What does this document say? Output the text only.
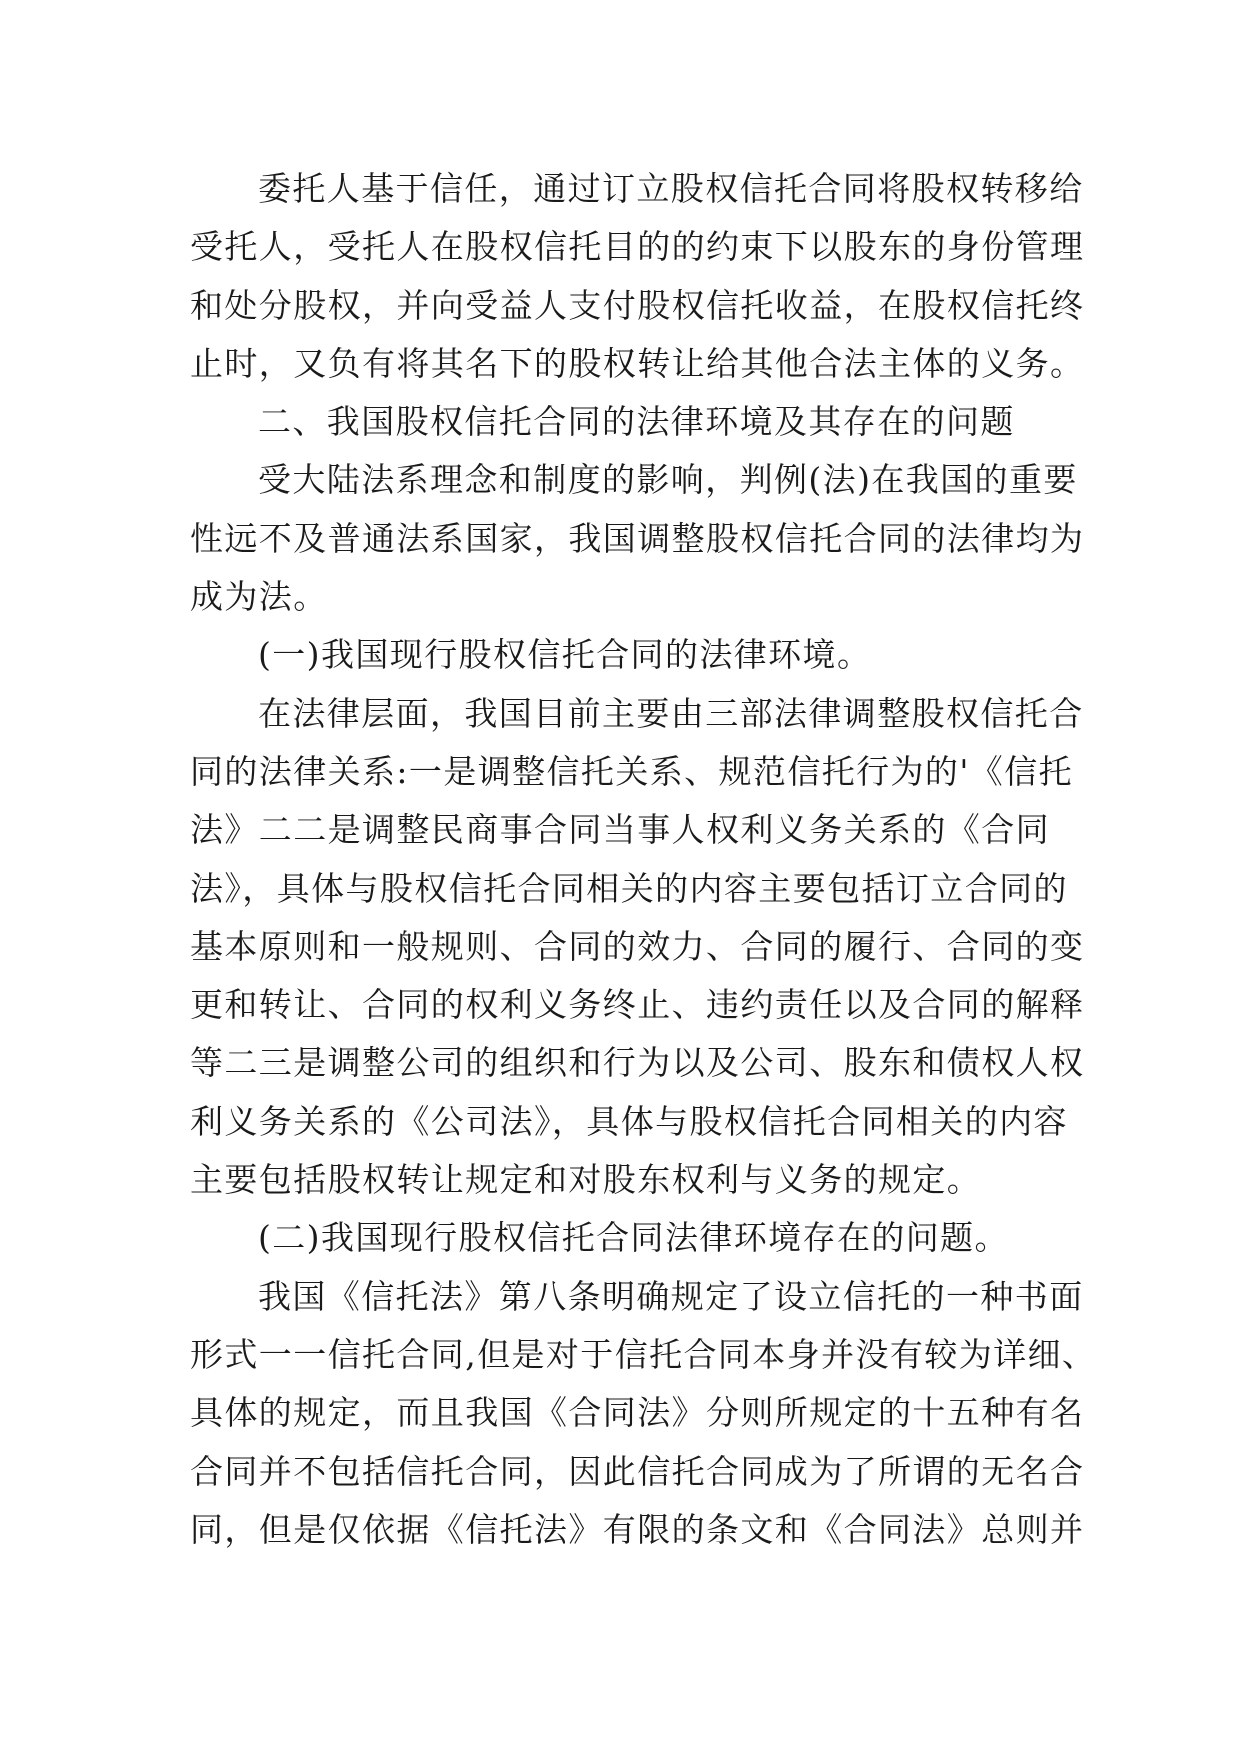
委托人基于信任，通过订立股权信托合同将股权转移给
受托人，受托人在股权信托目的的约束下以股东的身份管理
和处分股权，并向受益人支付股权信托收益，在股权信托终
止时，又负有将其名下的股权转让给其他合法主体的义务。
二、我国股权信托合同的法律环境及其存在的问题
受大陆法系理念和制度的影响，判例(法)在我国的重要
性远不及普通法系国家，我国调整股权信托合同的法律均为
成为法。
(一)我国现行股权信托合同的法律环境。
在法律层面，我国目前主要由三部法律调整股权信托合
同的法律关系:一是调整信托关系、规范信托行为的'《信托
法》二二是调整民商事合同当事人权利义务关系的《合同
法》，具体与股权信托合同相关的内容主要包括订立合同的
基本原则和一般规则、合同的效力、合同的履行、合同的变
更和转让、合同的权利义务终止、违约责任以及合同的解释
等二三是调整公司的组织和行为以及公司、股东和债权人权
利义务关系的《公司法》，具体与股权信托合同相关的内容
主要包括股权转让规定和对股东权利与义务的规定。
(二)我国现行股权信托合同法律环境存在的问题。
我国《信托法》第八条明确规定了设立信托的一种书面
形式一一信托合同,但是对于信托合同本身并没有较为详细、
具体的规定，而且我国《合同法》分则所规定的十五种有名
合同并不包括信托合同，因此信托合同成为了所谓的无名合
同，但是仅依据《信托法》有限的条文和《合同法》总则并
